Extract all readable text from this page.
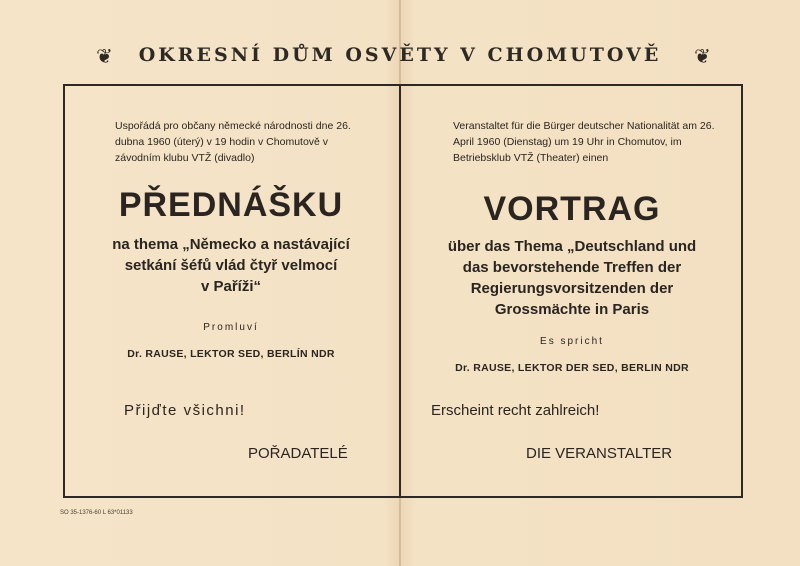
❦	OKRESNÍ DŮM OSVĚTY V CHOMUTOVĚ	❦
Uspořádá pro občany německé národnosti dne 26. dubna 1960 (úterý) v 19 hodin v Chomutově v závodním klubu VTŽ (divadlo)
PŘEDNÁŠKU
na thema „Německo a nastávající
setkání šéfů vlád čtyř velmocí
v Paříži“
Promluví
Dr. RAUSE, LEKTOR SED, BERLÍN NDR
Přijďte všichni!
POŘADATELÉ
Veranstaltet für die Bürger deutscher Nationalität am 26. April 1960 (Dienstag) um 19 Uhr in Chomutov, im Betriebsklub VTŽ (Theater) einen
VORTRAG
über das Thema „Deutschland und
das bevorstehende Treffen der
Regierungsvorsitzenden der
Grossmächte in Paris
Es spricht
Dr. RAUSE, LEKTOR DER SED, BERLIN NDR
Erscheint recht zahlreich!
DIE VERANSTALTER
SO 35-1376-60 L 63*01133
